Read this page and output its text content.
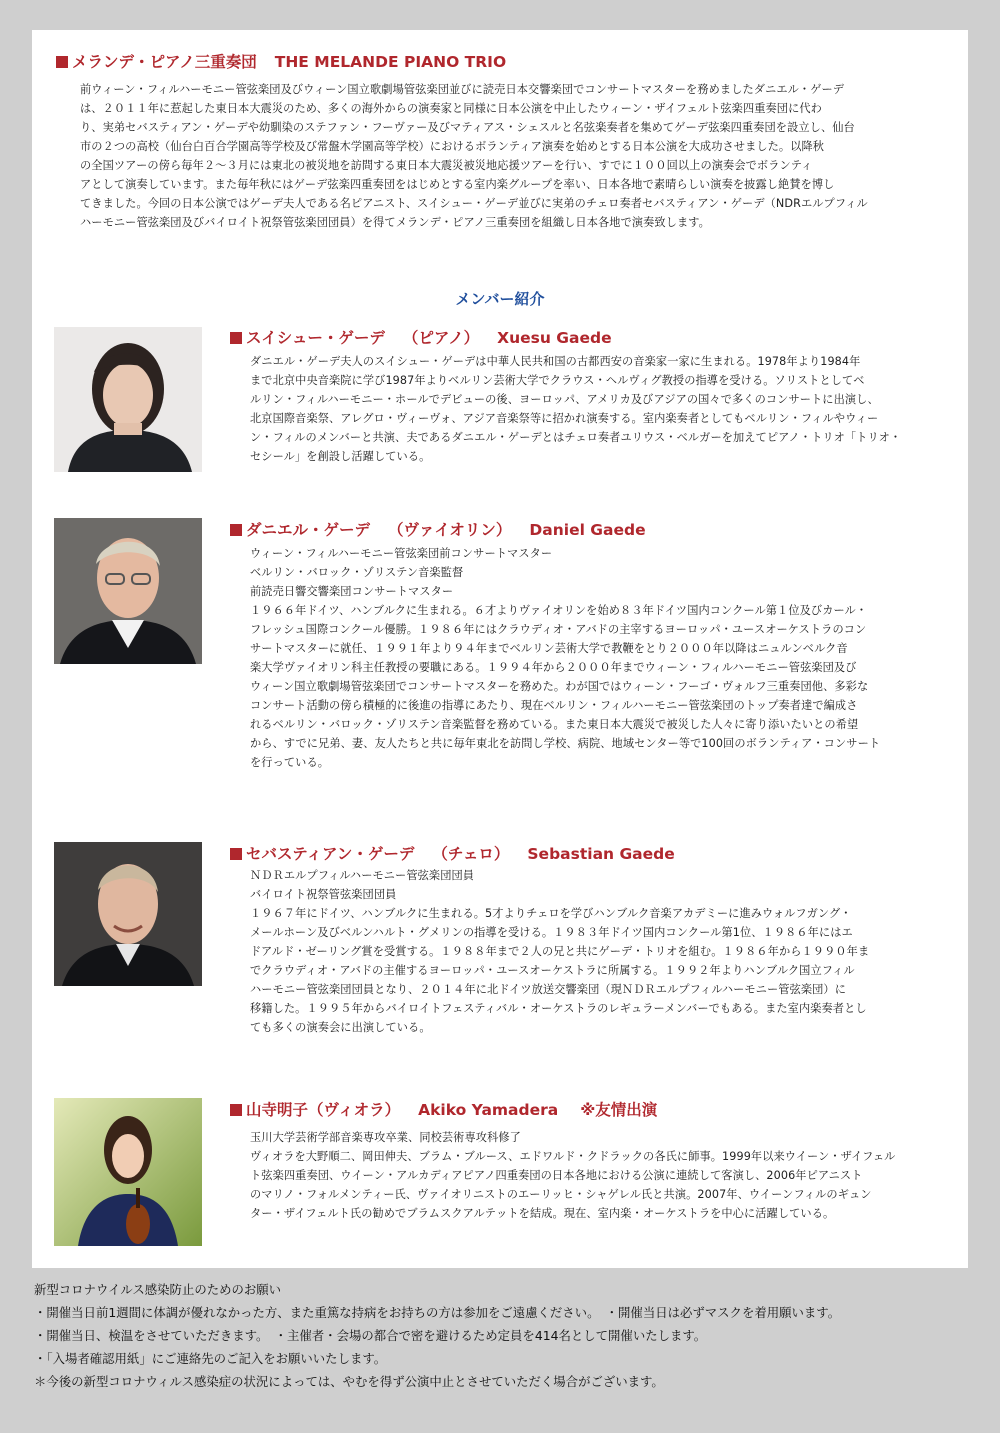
メランデ・ピアノ三重奏団 THE MELANDE PIANO TRIO
前ウィーン・フィルハーモニー管弦楽団及びウィーン国立歌劇場管弦楽団並びに読売日本交響楽団でコンサートマスターを務めましたダニエル・ゲーデ
は、２０１１年に惹起した東日本大震災のため、多くの海外からの演奏家と同様に日本公演を中止したウィーン・ザイフェルト弦楽四重奏団に代わ
り、実弟セバスティアン・ゲーデや幼馴染のステファン・フーヴァー及びマティアス・シェスルと名弦楽奏者を集めてゲーデ弦楽四重奏団を設立し、仙台
市の２つの高校（仙台白百合学園高等学校及び常盤木学園高等学校）におけるボランティア演奏を始めとする日本公演を大成功させました。以降秋
の全国ツアーの傍ら毎年２～３月には東北の被災地を訪問する東日本大震災被災地応援ツアーを行い、すでに１００回以上の演奏会でボランティ
アとして演奏しています。また毎年秋にはゲーデ弦楽四重奏団をはじめとする室内楽グループを率い、日本各地で素晴らしい演奏を披露し絶賛を博し
てきました。今回の日本公演ではゲーデ夫人である名ピアニスト、スイシュー・ゲーデ並びに実弟のチェロ奏者セバスティアン・ゲーデ（NDRエルプフィル
ハーモニー管弦楽団及びバイロイト祝祭管弦楽団団員）を得てメランデ・ピアノ三重奏団を組織し日本各地で演奏致します。
メンバー紹介
スイシュー・ゲーデ （ピアノ） Xuesu Gaede
ダニエル・ゲーデ夫人のスイシュー・ゲーデは中華人民共和国の古都西安の音楽家一家に生まれる。1978年より1984年
まで北京中央音楽院に学び1987年よりベルリン芸術大学でクラウス・ヘルヴィグ教授の指導を受ける。ソリストとしてベ
ルリン・フィルハーモニー・ホールでデビューの後、ヨーロッパ、アメリカ及びアジアの国々で多くのコンサートに出演し、
北京国際音楽祭、アレグロ・ヴィーヴォ、アジア音楽祭等に招かれ演奏する。室内楽奏者としてもベルリン・フィルやウィー
ン・フィルのメンバーと共演、夫であるダニエル・ゲーデとはチェロ奏者ユリウス・ベルガーを加えてピアノ・トリオ「トリオ・
セシール」を創設し活躍している。
ダニエル・ゲーデ （ヴァイオリン） Daniel Gaede
ウィーン・フィルハーモニー管弦楽団前コンサートマスター
ベルリン・バロック・ゾリステン音楽監督
前読売日響交響楽団コンサートマスター
１９６６年ドイツ、ハンブルクに生まれる。６才よりヴァイオリンを始め８３年ドイツ国内コンクール第１位及びカール・
フレッシュ国際コンクール優勝。１９８６年にはクラウディオ・アバドの主宰するヨーロッパ・ユースオーケストラのコン
サートマスターに就任、１９９１年より９４年までベルリン芸術大学で教鞭をとり２０００年以降はニュルンベルク音
楽大学ヴァイオリン科主任教授の要職にある。１９９４年から２０００年までウィーン・フィルハーモニー管弦楽団及び
ウィーン国立歌劇場管弦楽団でコンサートマスターを務めた。わが国ではウィーン・フーゴ・ヴォルフ三重奏団他、多彩な
コンサート活動の傍ら積極的に後進の指導にあたり、現在ベルリン・フィルハーモニー管弦楽団のトップ奏者達で編成さ
れるベルリン・バロック・ゾリステン音楽監督を務めている。また東日本大震災で被災した人々に寄り添いたいとの希望
から、すでに兄弟、妻、友人たちと共に毎年東北を訪問し学校、病院、地域センター等で100回のボランティア・コンサート
を行っている。
セバスティアン・ゲーデ （チェロ） Sebastian Gaede
ＮＤＲエルプフィルハーモニー管弦楽団団員
バイロイト祝祭管弦楽団団員
１９６７年にドイツ、ハンブルクに生まれる。5才よりチェロを学びハンブルク音楽アカデミーに進みウォルフガング・
メールホーン及びベルンハルト・グメリンの指導を受ける。１９８３年ドイツ国内コンクール第1位、１９８６年にはエ
ドアルド・ゼーリング賞を受賞する。１９８８年まで２人の兄と共にゲーデ・トリオを組む。１９８６年から１９９０年ま
でクラウディオ・アバドの主催するヨーロッパ・ユースオーケストラに所属する。１９９２年よりハンブルク国立フィル
ハーモニー管弦楽団団員となり、２０１４年に北ドイツ放送交響楽団（現ＮＤＲエルプフィルハーモニー管弦楽団）に
移籍した。１９９５年からバイロイトフェスティバル・オーケストラのレギュラーメンバーでもある。また室内楽奏者とし
ても多くの演奏会に出演している。
山寺明子（ヴィオラ） Akiko Yamadera ※友情出演
玉川大学芸術学部音楽専攻卒業、同校芸術専攻科修了
ヴィオラを大野順二、岡田伸夫、ブラム・ブルース、エドワルド・クドラックの各氏に師事。1999年以来ウイーン・ザイフェル
ト弦楽四重奏団、ウイーン・アルカディアピアノ四重奏団の日本各地における公演に連続して客演し、2006年ピアニスト
のマリノ・フォルメンティー氏、ヴァイオリニストのエーリッヒ・シャゲレル氏と共演。2007年、ウイーンフィルのギュン
ター・ザイフェルト氏の勧めでブラムスクアルテットを結成。現在、室内楽・オーケストラを中心に活躍している。
新型コロナウイルス感染防止のためのお願い
・開催当日前1週間に体調が優れなかった方、また重篤な持病をお持ちの方は参加をご遠慮ください。　・開催当日は必ずマスクを着用願います。
・開催当日、検温をさせていただきます。　・主催者・会場の都合で密を避けるため定員を414名として開催いたします。
・「入場者確認用紙」にご連絡先のご記入をお願いいたします。
＊今後の新型コロナウィルス感染症の状況によっては、やむを得ず公演中止とさせていただく場合がございます。
